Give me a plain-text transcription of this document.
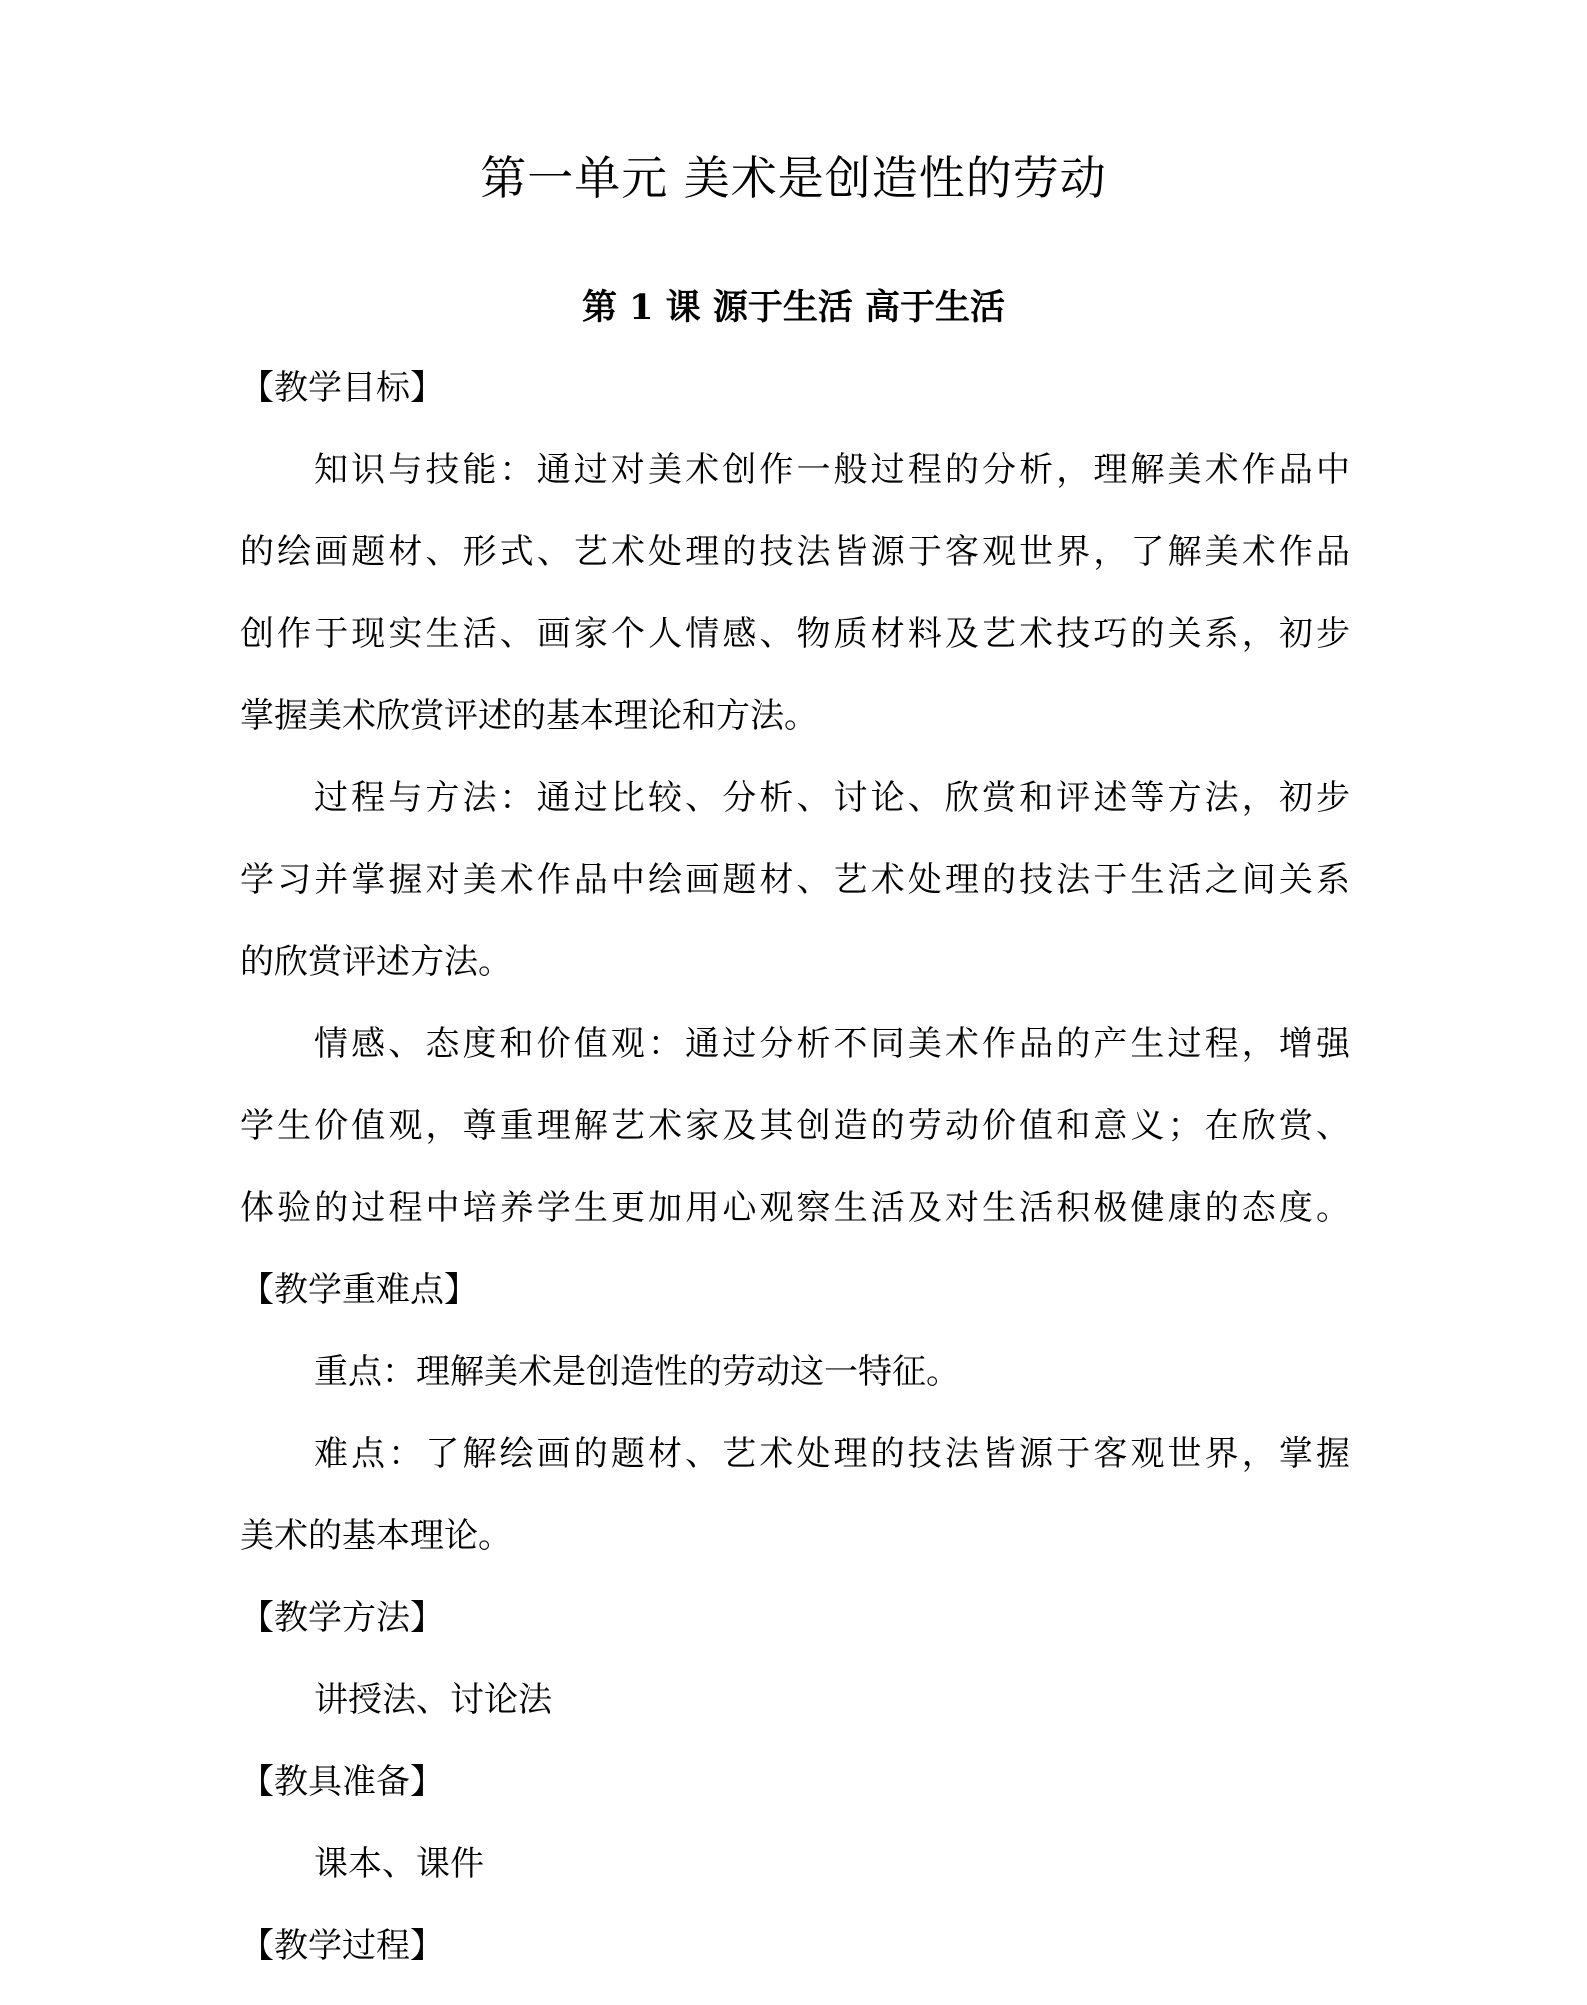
第一单元 美术是创造性的劳动
第 1 课 源于生活 高于生活
【教学目标】
知识与技能：通过对美术创作一般过程的分析，理解美术作品中
的绘画题材、形式、艺术处理的技法皆源于客观世界，了解美术作品
创作于现实生活、画家个人情感、物质材料及艺术技巧的关系，初步
掌握美术欣赏评述的基本理论和方法。
过程与方法：通过比较、分析、讨论、欣赏和评述等方法，初步
学习并掌握对美术作品中绘画题材、艺术处理的技法于生活之间关系
的欣赏评述方法。
情感、态度和价值观：通过分析不同美术作品的产生过程，增强
学生价值观，尊重理解艺术家及其创造的劳动价值和意义；在欣赏、
体验的过程中培养学生更加用心观察生活及对生活积极健康的态度。
【教学重难点】
重点：理解美术是创造性的劳动这一特征。
难点：了解绘画的题材、艺术处理的技法皆源于客观世界，掌握
美术的基本理论。
【教学方法】
讲授法、讨论法
【教具准备】
课本、课件
【教学过程】
